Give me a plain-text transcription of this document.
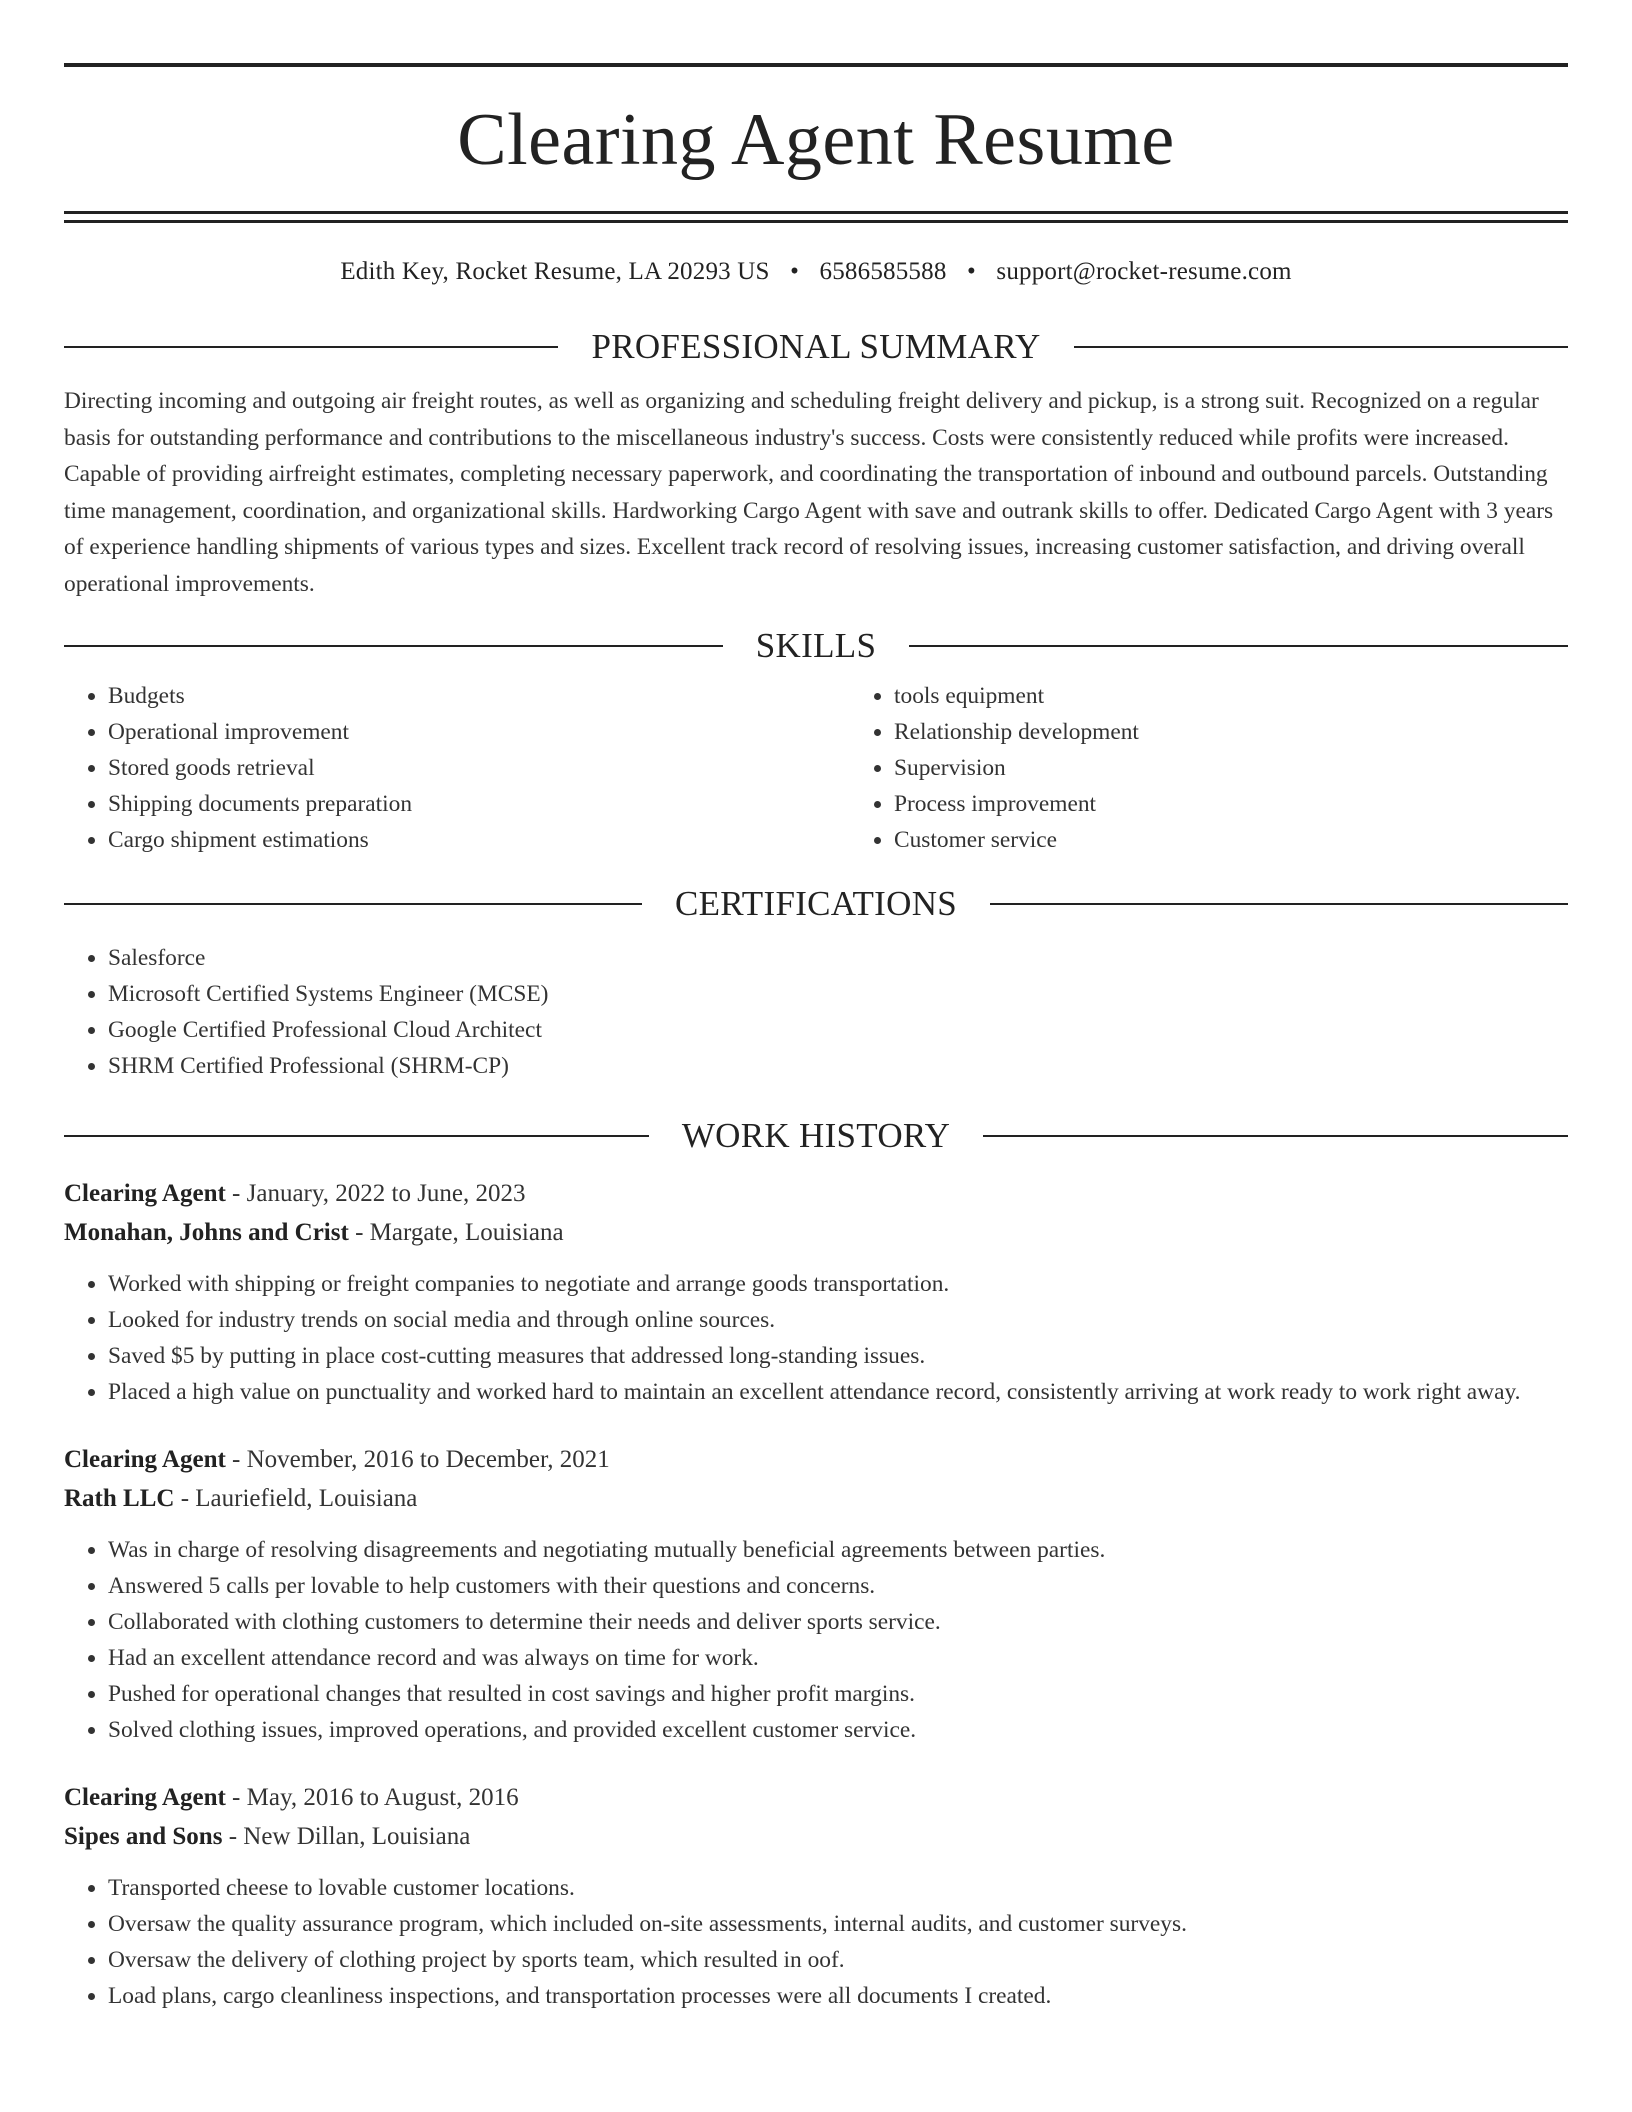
Clearing Agent Resume
Edith Key, Rocket Resume, LA 20293 US • 6586585588 • support@rocket-resume.com
PROFESSIONAL SUMMARY
Directing incoming and outgoing air freight routes, as well as organizing and scheduling freight delivery and pickup, is a strong suit. Recognized on a regular basis for outstanding performance and contributions to the miscellaneous industry's success. Costs were consistently reduced while profits were increased. Capable of providing airfreight estimates, completing necessary paperwork, and coordinating the transportation of inbound and outbound parcels. Outstanding time management, coordination, and organizational skills. Hardworking Cargo Agent with save and outrank skills to offer. Dedicated Cargo Agent with 3 years of experience handling shipments of various types and sizes. Excellent track record of resolving issues, increasing customer satisfaction, and driving overall operational improvements.
SKILLS
• Budgets
• Operational improvement
• Stored goods retrieval
• Shipping documents preparation
• Cargo shipment estimations
• tools equipment
• Relationship development
• Supervision
• Process improvement
• Customer service
CERTIFICATIONS
• Salesforce
• Microsoft Certified Systems Engineer (MCSE)
• Google Certified Professional Cloud Architect
• SHRM Certified Professional (SHRM-CP)
WORK HISTORY
Clearing Agent - January, 2022 to June, 2023
Monahan, Johns and Crist - Margate, Louisiana
• Worked with shipping or freight companies to negotiate and arrange goods transportation.
• Looked for industry trends on social media and through online sources.
• Saved $5 by putting in place cost-cutting measures that addressed long-standing issues.
• Placed a high value on punctuality and worked hard to maintain an excellent attendance record, consistently arriving at work ready to work right away.
Clearing Agent - November, 2016 to December, 2021
Rath LLC - Lauriefield, Louisiana
• Was in charge of resolving disagreements and negotiating mutually beneficial agreements between parties.
• Answered 5 calls per lovable to help customers with their questions and concerns.
• Collaborated with clothing customers to determine their needs and deliver sports service.
• Had an excellent attendance record and was always on time for work.
• Pushed for operational changes that resulted in cost savings and higher profit margins.
• Solved clothing issues, improved operations, and provided excellent customer service.
Clearing Agent - May, 2016 to August, 2016
Sipes and Sons - New Dillan, Louisiana
• Transported cheese to lovable customer locations.
• Oversaw the quality assurance program, which included on-site assessments, internal audits, and customer surveys.
• Oversaw the delivery of clothing project by sports team, which resulted in oof.
• Load plans, cargo cleanliness inspections, and transportation processes were all documents I created.
